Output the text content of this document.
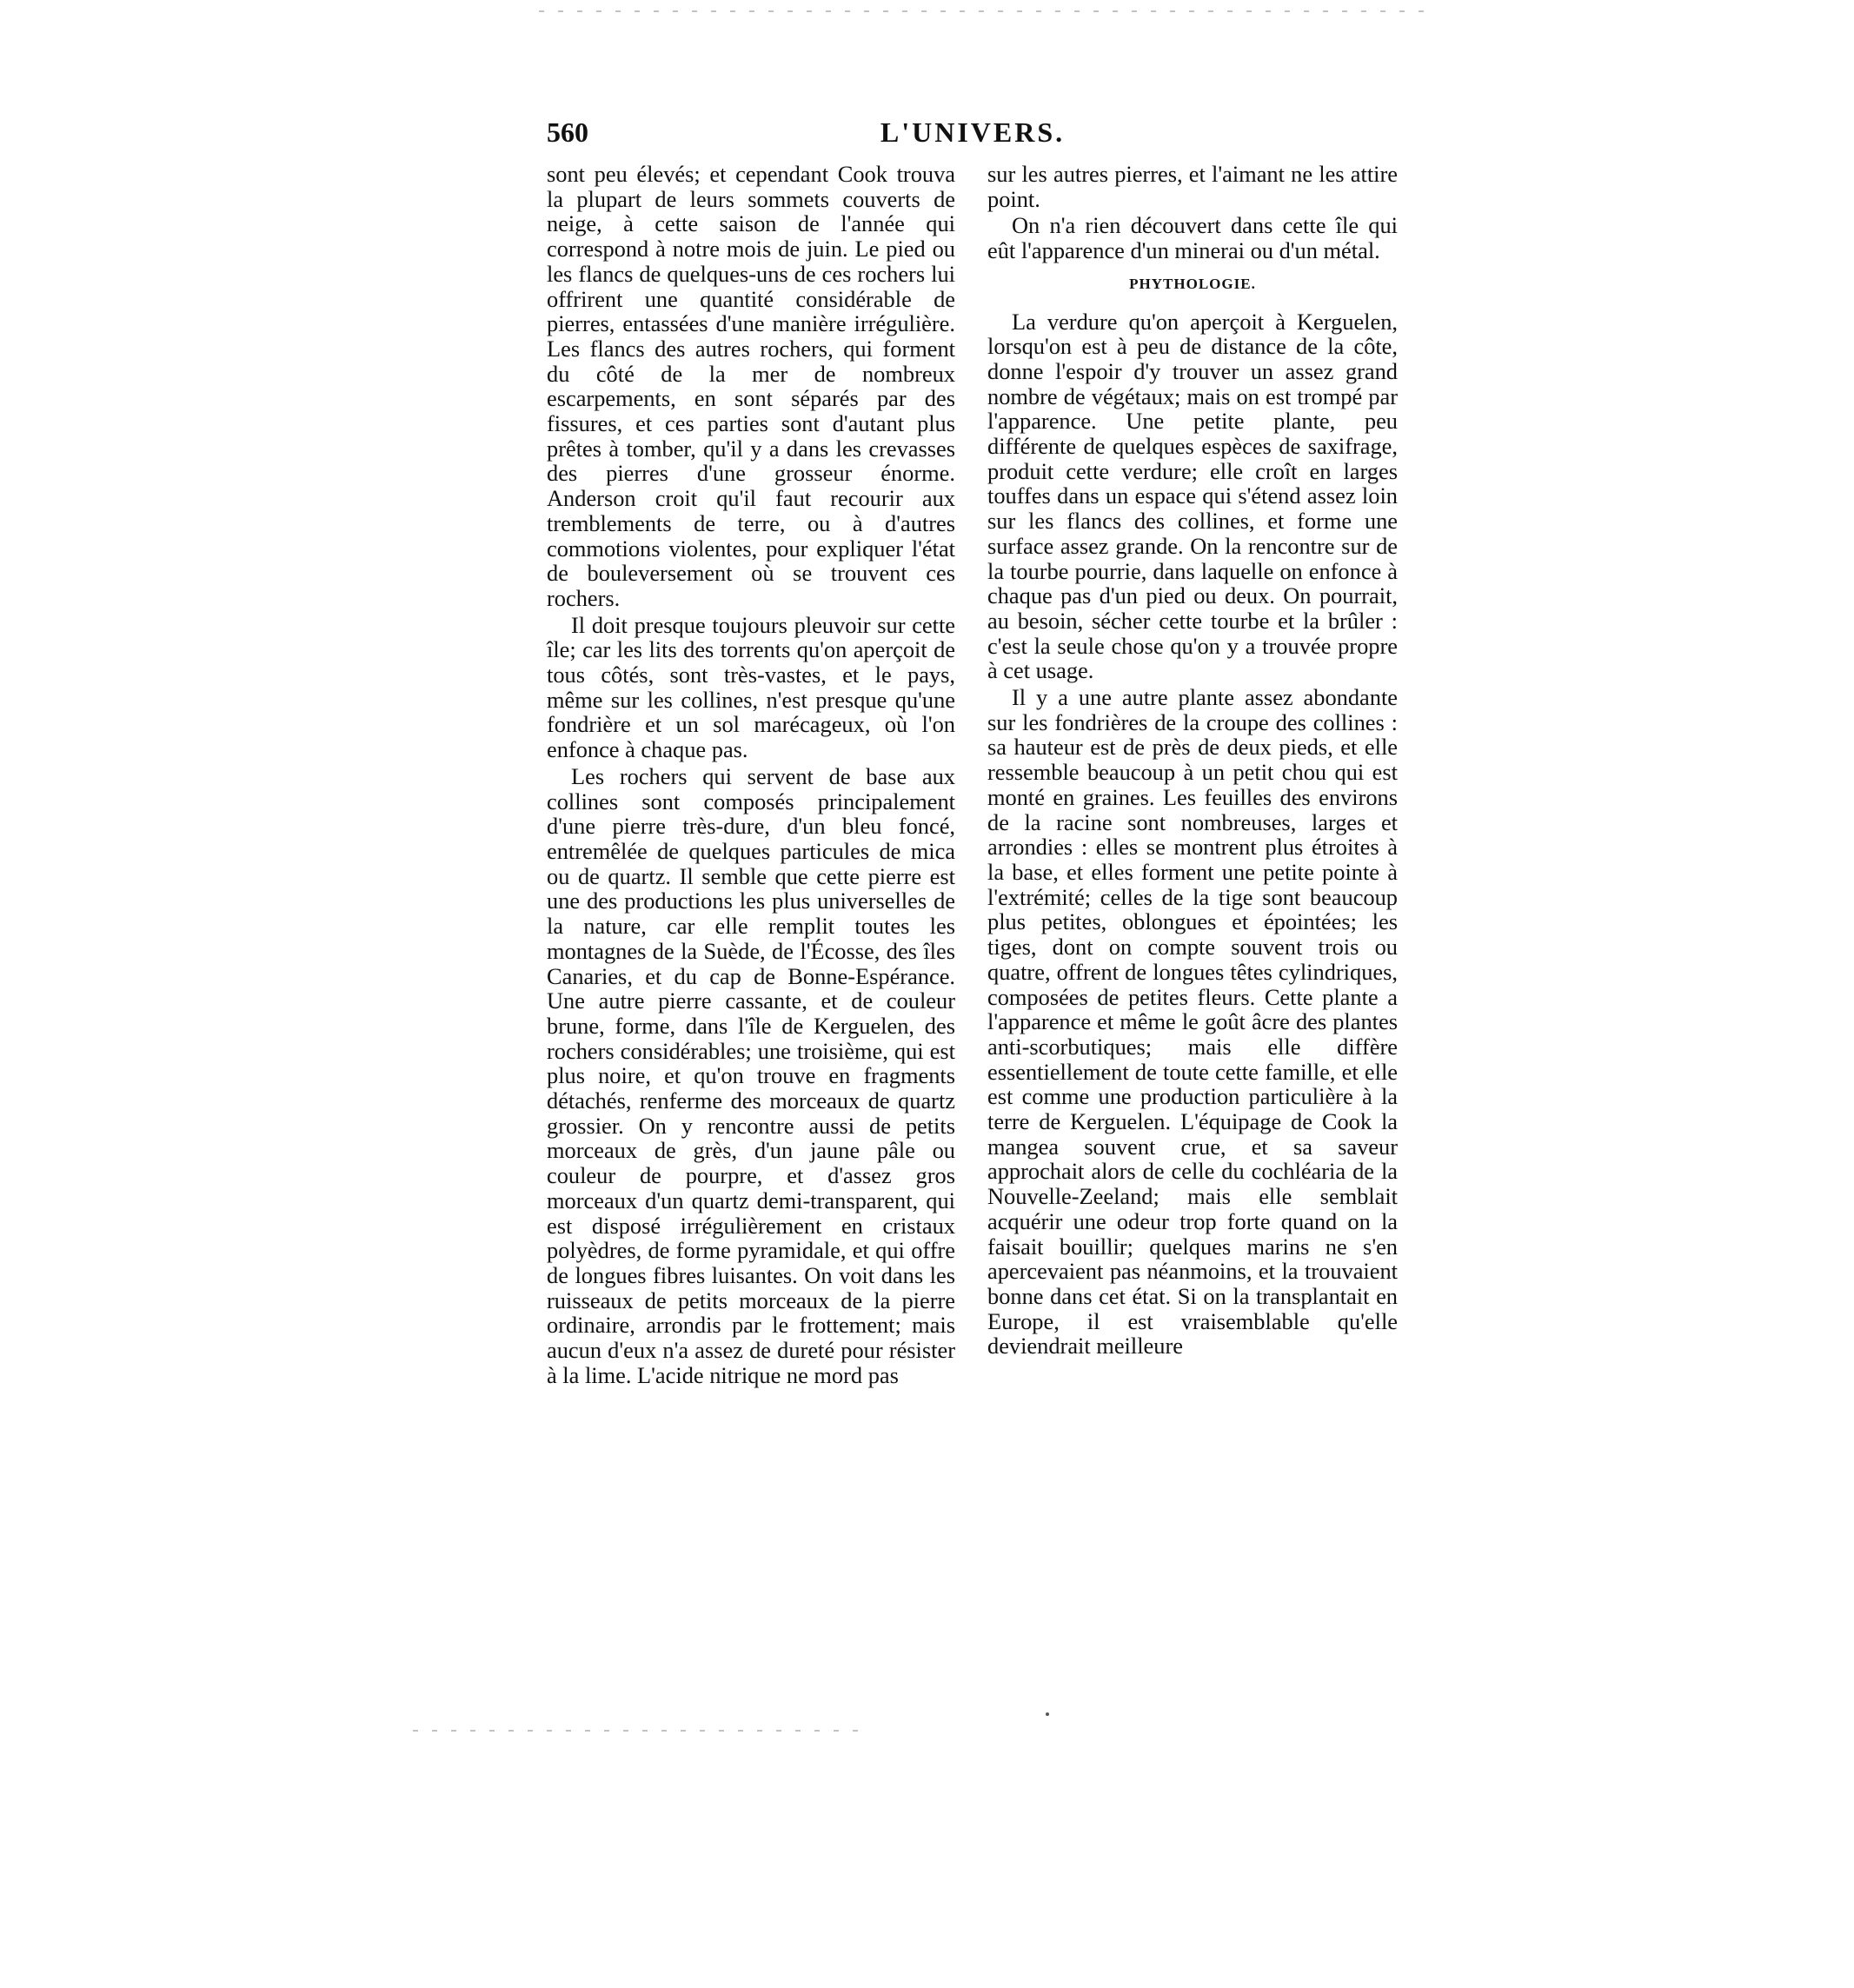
560	L'UNIVERS.

sont peu élevés; et cependant Cook trouva la plupart de leurs sommets couverts de neige, à cette saison de l'année qui correspond à notre mois de juin. Le pied ou les flancs de quelques-uns de ces rochers lui offrirent une quantité considérable de pierres, entassées d'une manière irrégulière. Les flancs des autres rochers, qui forment du côté de la mer de nombreux escarpements, en sont séparés par des fissures, et ces parties sont d'autant plus prêtes à tomber, qu'il y a dans les crevasses des pierres d'une grosseur énorme. Anderson croit qu'il faut recourir aux tremblements de terre, ou à d'autres commotions violentes, pour expliquer l'état de bouleversement où se trouvent ces rochers.

Il doit presque toujours pleuvoir sur cette île; car les lits des torrents qu'on aperçoit de tous côtés, sont très-vastes, et le pays, même sur les collines, n'est presque qu'une fondrière et un sol marécageux, où l'on enfonce à chaque pas.

Les rochers qui servent de base aux collines sont composés principalement d'une pierre très-dure, d'un bleu foncé, entremêlée de quelques particules de mica ou de quartz. Il semble que cette pierre est une des productions les plus universelles de la nature, car elle remplit toutes les montagnes de la Suède, de l'Écosse, des îles Canaries, et du cap de Bonne-Espérance. Une autre pierre cassante, et de couleur brune, forme, dans l'île de Kerguelen, des rochers considérables; une troisième, qui est plus noire, et qu'on trouve en fragments détachés, renferme des morceaux de quartz grossier. On y rencontre aussi de petits morceaux de grès, d'un jaune pâle ou couleur de pourpre, et d'assez gros morceaux d'un quartz demi-transparent, qui est disposé irrégulièrement en cristaux polyèdres, de forme pyramidale, et qui offre de longues fibres luisantes. On voit dans les ruisseaux de petits morceaux de la pierre ordinaire, arrondis par le frottement; mais aucun d'eux n'a assez de dureté pour résister à la lime. L'acide nitrique ne mord pas

sur les autres pierres, et l'aimant ne les attire point.

On n'a rien découvert dans cette île qui eût l'apparence d'un minerai ou d'un métal.

PHYTHOLOGIE.

La verdure qu'on aperçoit à Kerguelen, lorsqu'on est à peu de distance de la côte, donne l'espoir d'y trouver un assez grand nombre de végétaux; mais on est trompé par l'apparence. Une petite plante, peu différente de quelques espèces de saxifrage, produit cette verdure; elle croît en larges touffes dans un espace qui s'étend assez loin sur les flancs des collines, et forme une surface assez grande. On la rencontre sur de la tourbe pourrie, dans laquelle on enfonce à chaque pas d'un pied ou deux. On pourrait, au besoin, sécher cette tourbe et la brûler : c'est la seule chose qu'on y a trouvée propre à cet usage.

Il y a une autre plante assez abondante sur les fondrières de la croupe des collines : sa hauteur est de près de deux pieds, et elle ressemble beaucoup à un petit chou qui est monté en graines. Les feuilles des environs de la racine sont nombreuses, larges et arrondies : elles se montrent plus étroites à la base, et elles forment une petite pointe à l'extrémité; celles de la tige sont beaucoup plus petites, oblongues et épointées; les tiges, dont on compte souvent trois ou quatre, offrent de longues têtes cylindriques, composées de petites fleurs. Cette plante a l'apparence et même le goût âcre des plantes anti-scorbutiques; mais elle diffère essentiellement de toute cette famille, et elle est comme une production particulière à la terre de Kerguelen. L'équipage de Cook la mangea souvent crue, et sa saveur approchait alors de celle du cochléaria de la Nouvelle-Zeeland; mais elle semblait acquérir une odeur trop forte quand on la faisait bouillir; quelques marins ne s'en apercevaient pas néanmoins, et la trouvaient bonne dans cet état. Si on la transplantait en Europe, il est vraisemblable qu'elle deviendrait meilleure
